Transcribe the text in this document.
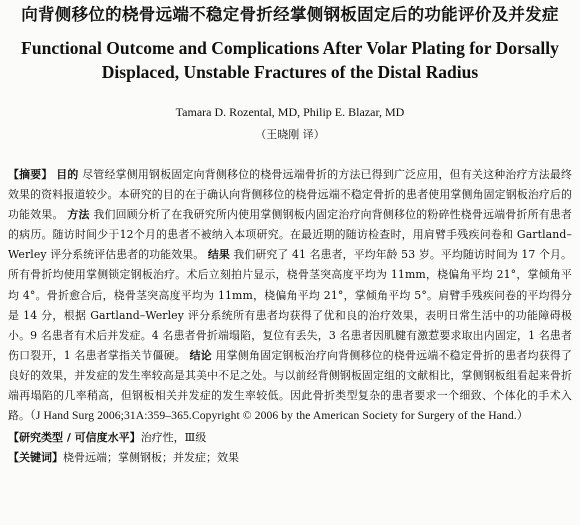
向背侧移位的桡骨远端不稳定骨折经掌侧钢板固定后的功能评价及并发症
Functional Outcome and Complications After Volar Plating for Dorsally Displaced, Unstable Fractures of the Distal Radius
Tamara D. Rozental, MD, Philip E. Blazar, MD
（王晓刚 译）
【摘要】 目的 尽管经掌侧用钢板固定向背侧移位的桡骨远端骨折的方法已得到广泛应用，但有关这种治疗方法最终效果的资料报道较少。本研究的目的在于确认向背侧移位的桡骨远端不稳定骨折的患者使用掌侧角固定钢板治疗后的功能效果。 方法 我们回顾分析了在我研究所内使用掌侧钢板内固定治疗向背侧移位的粉碎性桡骨远端骨折所有患者的病历。随访时间少于12个月的患者不被纳入本项研究。在最近期的随访检查时，用肩臂手残疾问卷和 Gartland–Werley 评分系统评估患者的功能效果。 结果 我们研究了 41 名患者，平均年龄 53 岁。平均随访时间为 17 个月。所有骨折均使用掌侧锁定钢板治疗。术后立刻拍片显示，桡骨茎突高度平均为 11mm，桡偏角平均 21°，掌倾角平均 4°。骨折愈合后，桡骨茎突高度平均为 11mm，桡偏角平均 21°，掌倾角平均 5°。肩臂手残疾问卷的平均得分是 14 分，根据 Gartland–Werley 评分系统所有患者均获得了优和良的治疗效果，表明日常生活中的功能障碍极小。9 名患者有术后并发症。4 名患者骨折端塌陷，复位有丢失，3 名患者因肌腱有激惹要求取出内固定，1 名患者伤口裂开，1 名患者掌指关节僵硬。 结论 用掌侧角固定钢板治疗向背侧移位的桡骨远端不稳定骨折的患者均获得了良好的效果，并发症的发生率较高是其美中不足之处。与以前经背侧钢板固定组的文献相比，掌侧钢板组看起来骨折端再塌陷的几率稍高，但钢板相关并发症的发生率较低。因此骨折类型复杂的患者要求一个细致、个体化的手术入路。（J Hand Surg 2006;31A:359–365.Copyright © 2006 by the American Society for Surgery of the Hand.）
【研究类型 / 可信度水平】治疗性，Ⅲ级
【关键词】桡骨远端；掌侧钢板；并发症；效果
